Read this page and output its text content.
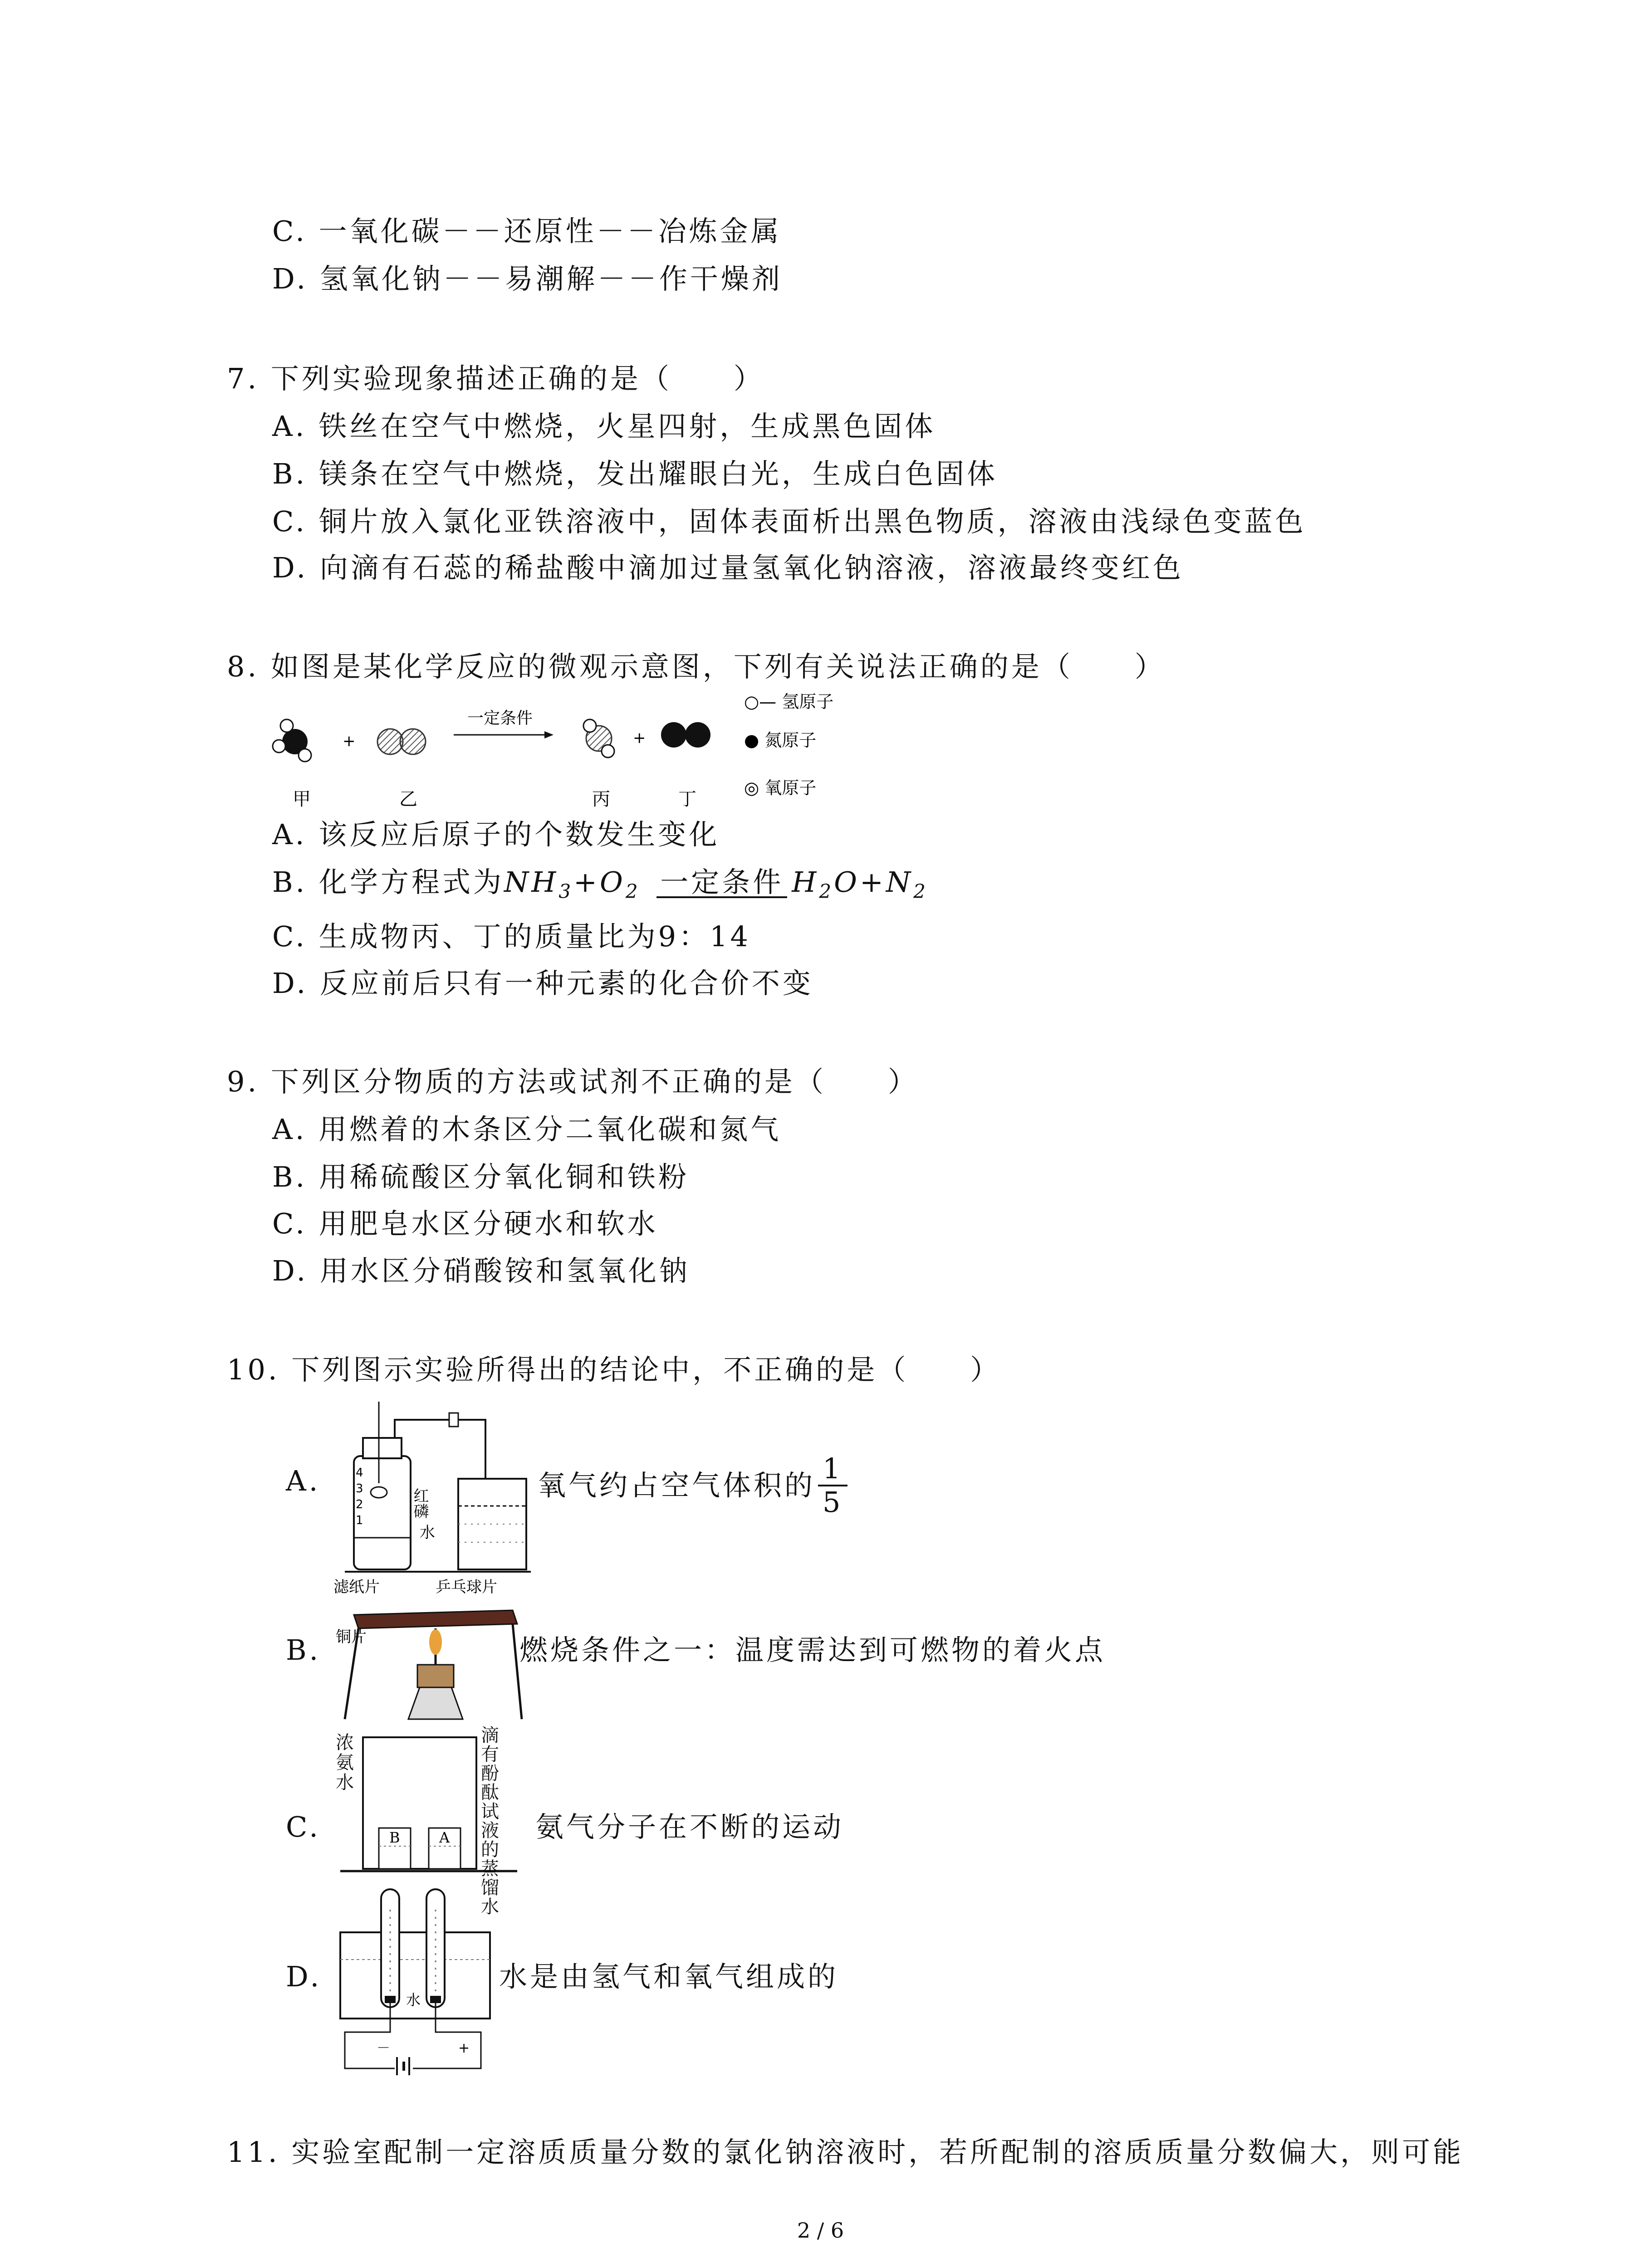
C. 一氧化碳－－还原性－－冶炼金属
D. 氢氧化钠－－易潮解－－作干燥剂
7. 下列实验现象描述正确的是（　　）
A. 铁丝在空气中燃烧，火星四射，生成黑色固体
B. 镁条在空气中燃烧，发出耀眼白光，生成白色固体
C. 铜片放入氯化亚铁溶液中，固体表面析出黑色物质，溶液由浅绿色变蓝色
D. 向滴有石蕊的稀盐酸中滴加过量氢氧化钠溶液，溶液最终变红色
8. 如图是某化学反应的微观示意图，下列有关说法正确的是（　　）
+
一定条件
+
甲	乙	丙	丁
○— 氢原子
● 氮原子
◎ 氧原子
A. 该反应后原子的个数发生变化
B. 化学方程式为$NH_3+O_2$ 一定条件 $H_2O+N_2$
C. 生成物丙、丁的质量比为9：14
D. 反应前后只有一种元素的化合价不变
9. 下列区分物质的方法或试剂不正确的是（　　）
A. 用燃着的木条区分二氧化碳和氮气
B. 用稀硫酸区分氧化铜和铁粉
C. 用肥皂水区分硬水和软水
D. 用水区分硝酸铵和氢氧化钠
10. 下列图示实验所得出的结论中，不正确的是（　　）
A.	4
3
2
1
红磷
水
氧气约占空气体积的 $\frac{1}{5}$
滤纸片	乒乓球片
铜片
B.	燃烧条件之一：温度需达到可燃物的着火点
B	A
浓氨水
滴有酚酞试液的蒸馏水
C.	氨气分子在不断的运动
水
－	+
D.	水是由氢气和氧气组成的
11. 实验室配制一定溶质质量分数的氯化钠溶液时，若所配制的溶质质量分数偏大，则可能
2 / 6
